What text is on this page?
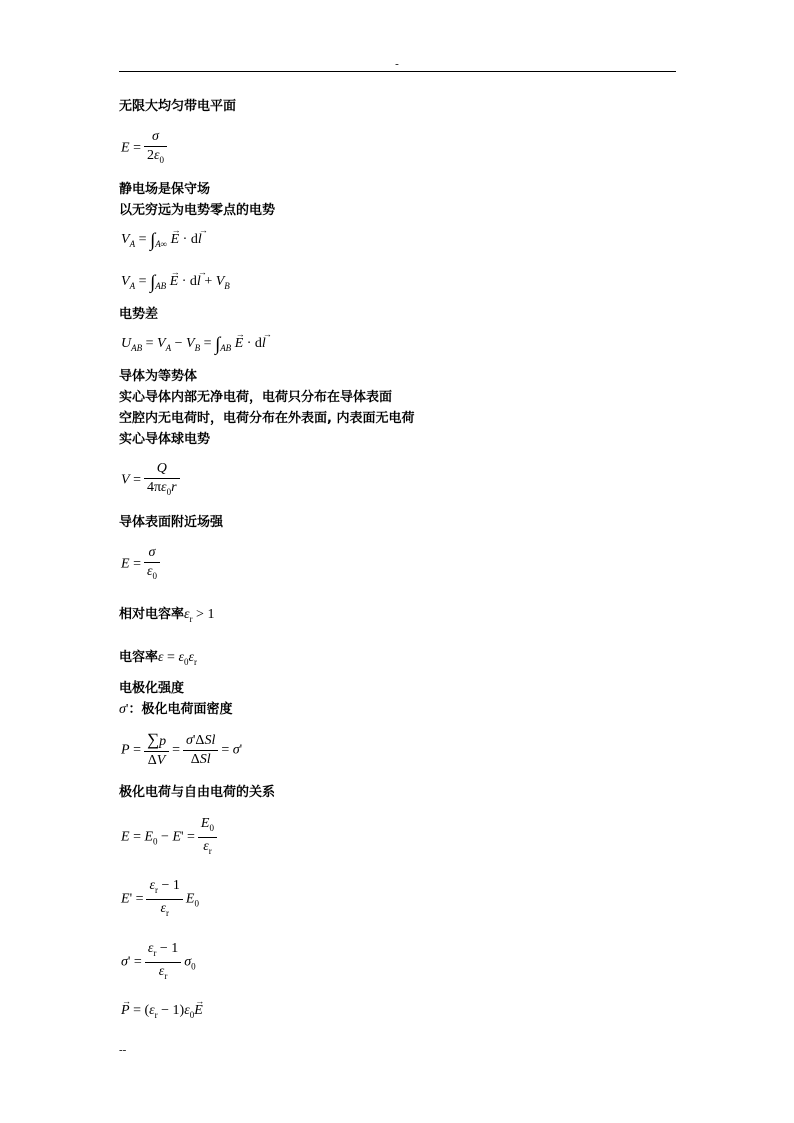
-
无限大均匀带电平面
$E = \frac{\sigma}{2\varepsilon_0}$
静电场是保守场
以无穷远为电势零点的电势
$V_A = \int_{A\infty} \to E \cdot d\to l$
$V_A = \int_{AB} \to E \cdot d\to l + V_B$
电势差
$U_{AB} = V_A - V_B = \int_{AB} \to E \cdot d\to l$
导体为等势体
实心导体内部无净电荷，电荷只分布在导体表面
空腔内无电荷时，电荷分布在外表面, 内表面无电荷
实心导体球电势
$V = \frac{Q}{4\pi\varepsilon_0r}$
导体表面附近场强
$E = \frac{\sigma}{\varepsilon_0}$
相对电容率$\varepsilon_r > 1$
电容率$\varepsilon = \varepsilon_0\varepsilon_r$
电极化强度
σ'：极化电荷面密度
$P = \frac{\sum p}{\Delta V} = \frac{\text{σ'ΔSl}}{\text{ΔSl}} = \sigma'$
极化电荷与自由电荷的关系
$E = E_0 - E' = \frac{E_0}{\varepsilon_r}$
$E' = \frac{\varepsilon_r - 1}{\varepsilon_r} E_0$
$\sigma' = \frac{\varepsilon_r - 1}{\varepsilon_r} \sigma_0$
→ $P = (\varepsilon_r - 1)\varepsilon_0\to E$
--
